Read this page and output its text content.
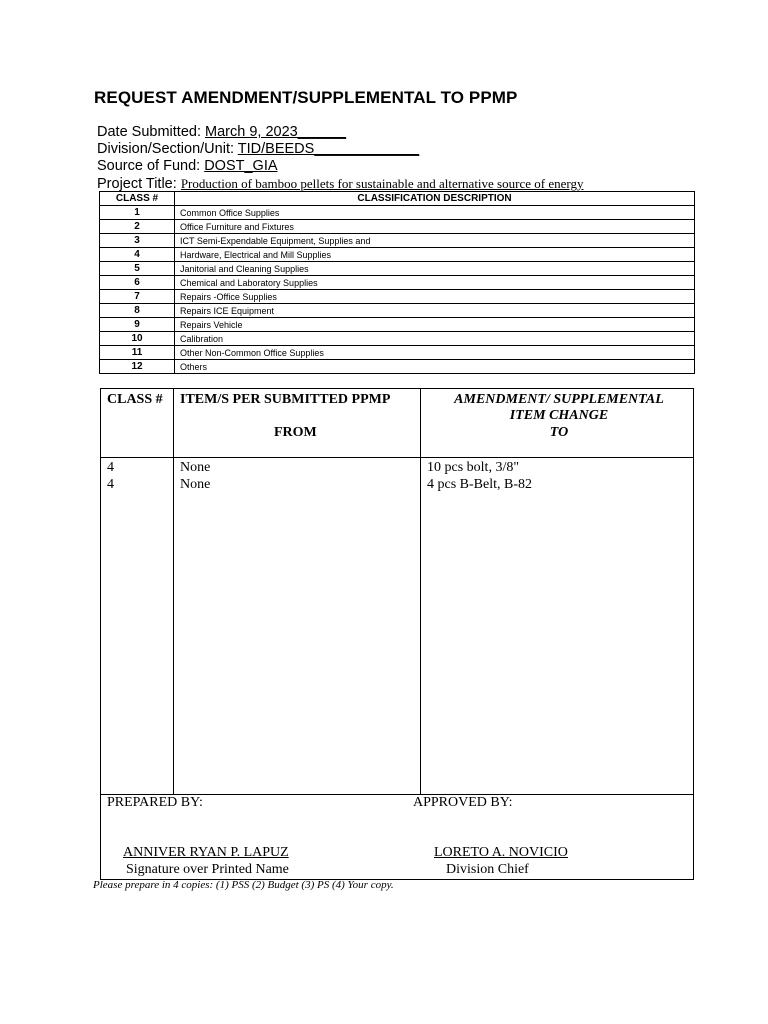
REQUEST AMENDMENT/SUPPLEMENTAL TO PPMP
Date Submitted: March 9, 2023______
Division/Section/Unit: TID/BEEDS_____________
Source of Fund: DOST_GIA
Project Title: Production of bamboo pellets for sustainable and alternative source of energy
CLASS #	CLASSIFICATION DESCRIPTION
1	Common Office Supplies
2	Office Furniture and Fixtures
3	ICT Semi-Expendable Equipment, Supplies and
4	Hardware, Electrical and Mill Supplies
5	Janitorial and Cleaning Supplies
6	Chemical and Laboratory Supplies
7	Repairs -Office Supplies
8	Repairs ICE Equipment
9	Repairs Vehicle
10	Calibration
11	Other Non-Common Office Supplies
12	Others
CLASS # ITEM/S PER SUBMITTED PPMP
FROM
AMENDMENT/ SUPPLEMENTAL
ITEM CHANGE
TO
4	None	10 pcs bolt, 3/8"
4	None	4 pcs B-Belt, B-82
PREPARED BY:	APPROVED BY:
ANNIVER RYAN P. LAPUZ
Signature over Printed Name
LORETO A. NOVICIO
Division Chief
Please prepare in 4 copies: (1) PSS (2) Budget (3) PS (4) Your copy.
